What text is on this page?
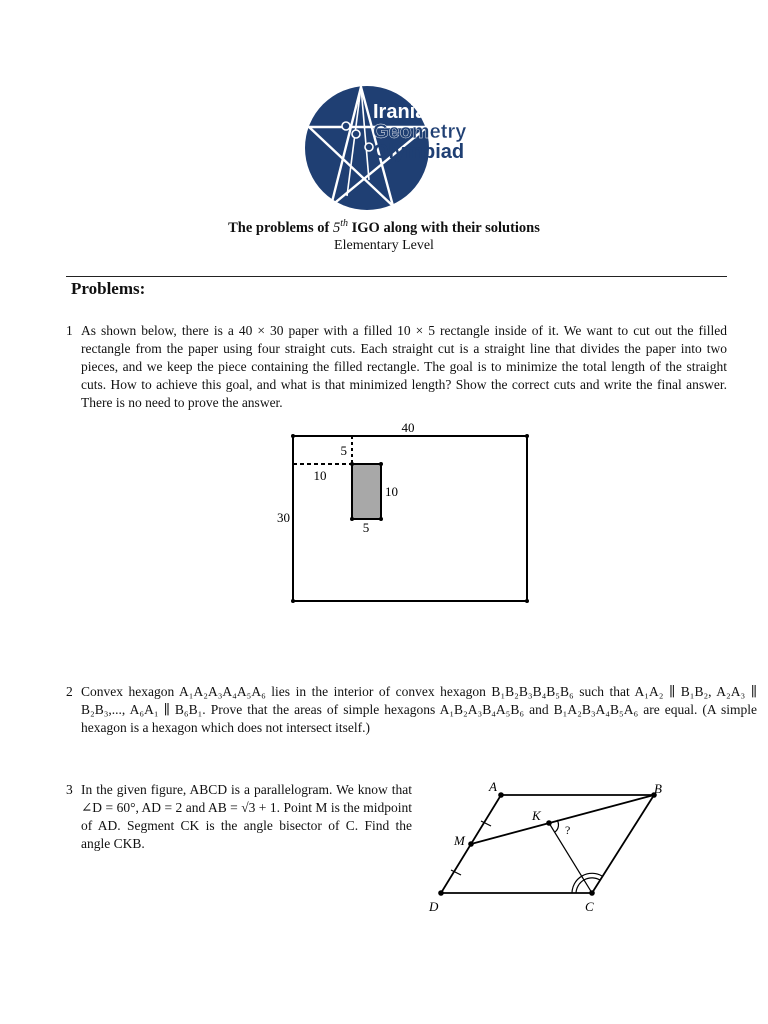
Iranian
Geometry
Olympiad
The problems of 5th IGO along with their solutions
Elementary Level
Problems:
1 As shown below, there is a 40 × 30 paper with a filled 10 × 5 rectangle inside of it. We want to cut out the filled rectangle from the paper using four straight cuts. Each straight cut is a straight line that divides the paper into two pieces, and we keep the piece containing the filled rectangle. The goal is to minimize the total length of the straight cuts. How to achieve this goal, and what is that minimized length? Show the correct cuts and write the final answer. There is no need to prove the answer.
40
30
5
10
10
5
2 Convex hexagon A₁A₂A₃A₄A₅A₆ lies in the interior of convex hexagon B₁B₂B₃B₄B₅B₆ such that A₁A₂ ∥ B₁B₂, A₂A₃ ∥ B₂B₃,..., A₆A₁ ∥ B₆B₁. Prove that the areas of simple hexagons A₁B₂A₃B₄A₅B₆ and B₁A₂B₃A₄B₅A₆ are equal. (A simple hexagon is a hexagon which does not intersect itself.)
3 In the given figure, ABCD is a parallelogram. We know that ∠D = 60°, AD = 2 and AB = √3 + 1. Point M is the midpoint of AD. Segment CK is the angle bisector of C. Find the angle CKB.
A	B
C
D
M
K
?
